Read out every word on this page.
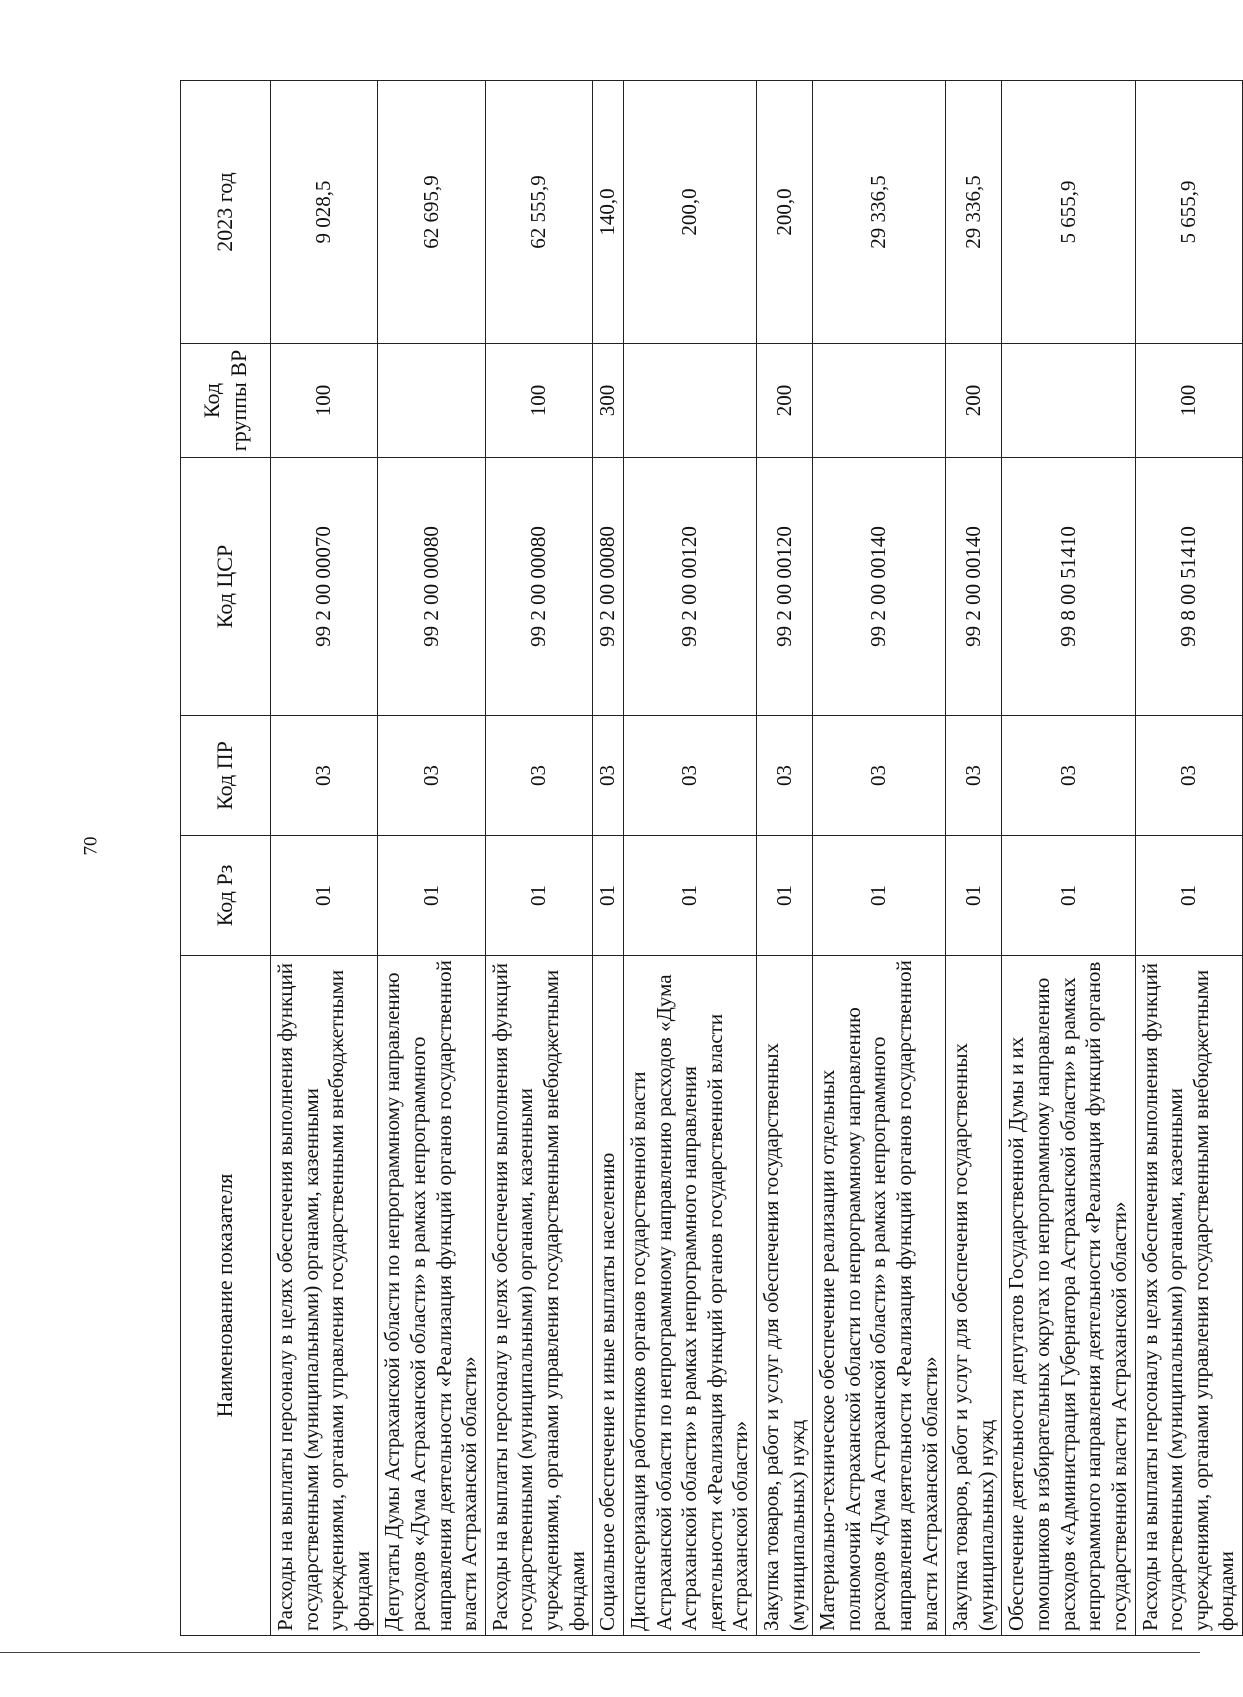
70
Наименование показателя	Код Рз	Код ПР	Код ЦСР	Код группы ВР	2023 год
Расходы на выплаты персоналу в целях обеспечения выполнения функций государственными (муниципальными) органами, казенными учреждениями, органами управления государственными внебюджетными фондами	01	03	99 2 00 00070	100	9 028,5
Депутаты Думы Астраханской области по непрограммному направлению расходов «Дума Астраханской области» в рамках непрограммного направления деятельности «Реализация функций органов государственной власти Астраханской области»	01	03	99 2 00 00080		62 695,9
Расходы на выплаты персоналу в целях обеспечения выполнения функций государственными (муниципальными) органами, казенными учреждениями, органами управления государственными внебюджетными фондами	01	03	99 2 00 00080	100	62 555,9
Социальное обеспечение и иные выплаты населению	01	03	99 2 00 00080	300	140,0
Диспансеризация работников органов государственной власти Астраханской области по непрограммному направлению расходов «Дума Астраханской области» в рамках непрограммного направления деятельности «Реализация функций органов государственной власти Астраханской области»	01	03	99 2 00 00120		200,0
Закупка товаров, работ и услуг для обеспечения государственных (муниципальных) нужд	01	03	99 2 00 00120	200	200,0
Материально-техническое обеспечение реализации отдельных полномочий Астраханской области по непрограммному направлению расходов «Дума Астраханской области» в рамках непрограммного направления деятельности «Реализация функций органов государственной власти Астраханской области»	01	03	99 2 00 00140		29 336,5
Закупка товаров, работ и услуг для обеспечения государственных (муниципальных) нужд	01	03	99 2 00 00140	200	29 336,5
Обеспечение деятельности депутатов Государственной Думы и их помощников в избирательных округах по непрограммному направлению расходов «Администрация Губернатора Астраханской области» в рамках непрограммного направления деятельности «Реализация функций органов государственной власти Астраханской области»	01	03	99 8 00 51410		5 655,9
Расходы на выплаты персоналу в целях обеспечения выполнения функций государственными (муниципальными) органами, казенными учреждениями, органами управления государственными внебюджетными фондами	01	03	99 8 00 51410	100	5 655,9
